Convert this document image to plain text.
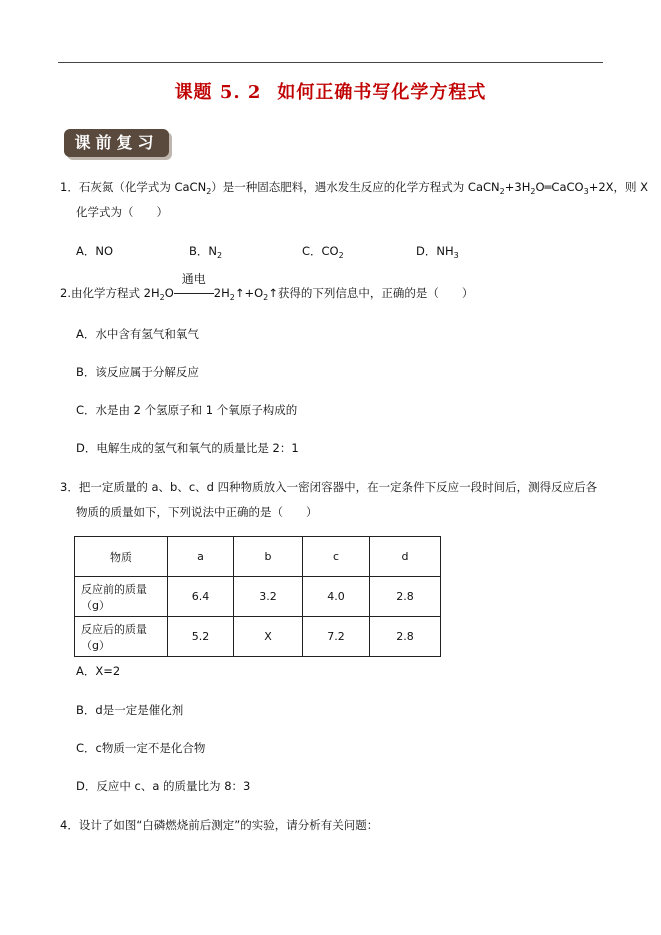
课题 5. 2 如何正确书写化学方程式
课前复习
1．石灰氮（化学式为 CaCN$_2$）是一种固态肥料，遇水发生反应的化学方程式为 $CaCN_2+3H_2O═CaCO_3+2X$，则 X
化学式为（　　）
A．NO	B．$N_2$	C．$CO_2$	D．$NH_3$
2.由化学方程式 $2H_2O$
通电
$2H_2↑+O_2↑$获得的下列信息中，正确的是（　　）
A．水中含有氢气和氧气
B．该反应属于分解反应
C．水是由 2 个氢原子和 1 个氧原子构成的
D．电解生成的氢气和氧气的质量比是 2：1
3．把一定质量的 a、b、c、d 四种物质放入一密闭容器中，在一定条件下反应一段时间后，测得反应后各
物质的质量如下，下列说法中正确的是（　　）
物质	a	b	c	d
反应前的质量（g）	6.4	3.2	4.0	2.8
反应后的质量（g）	5.2	X	7.2	2.8
A．X=2
B．d是一定是催化剂
C．c物质一定不是化合物
D．反应中 c、a 的质量比为 8：3
4．设计了如图“白磷燃烧前后测定”的实验，请分析有关问题：
